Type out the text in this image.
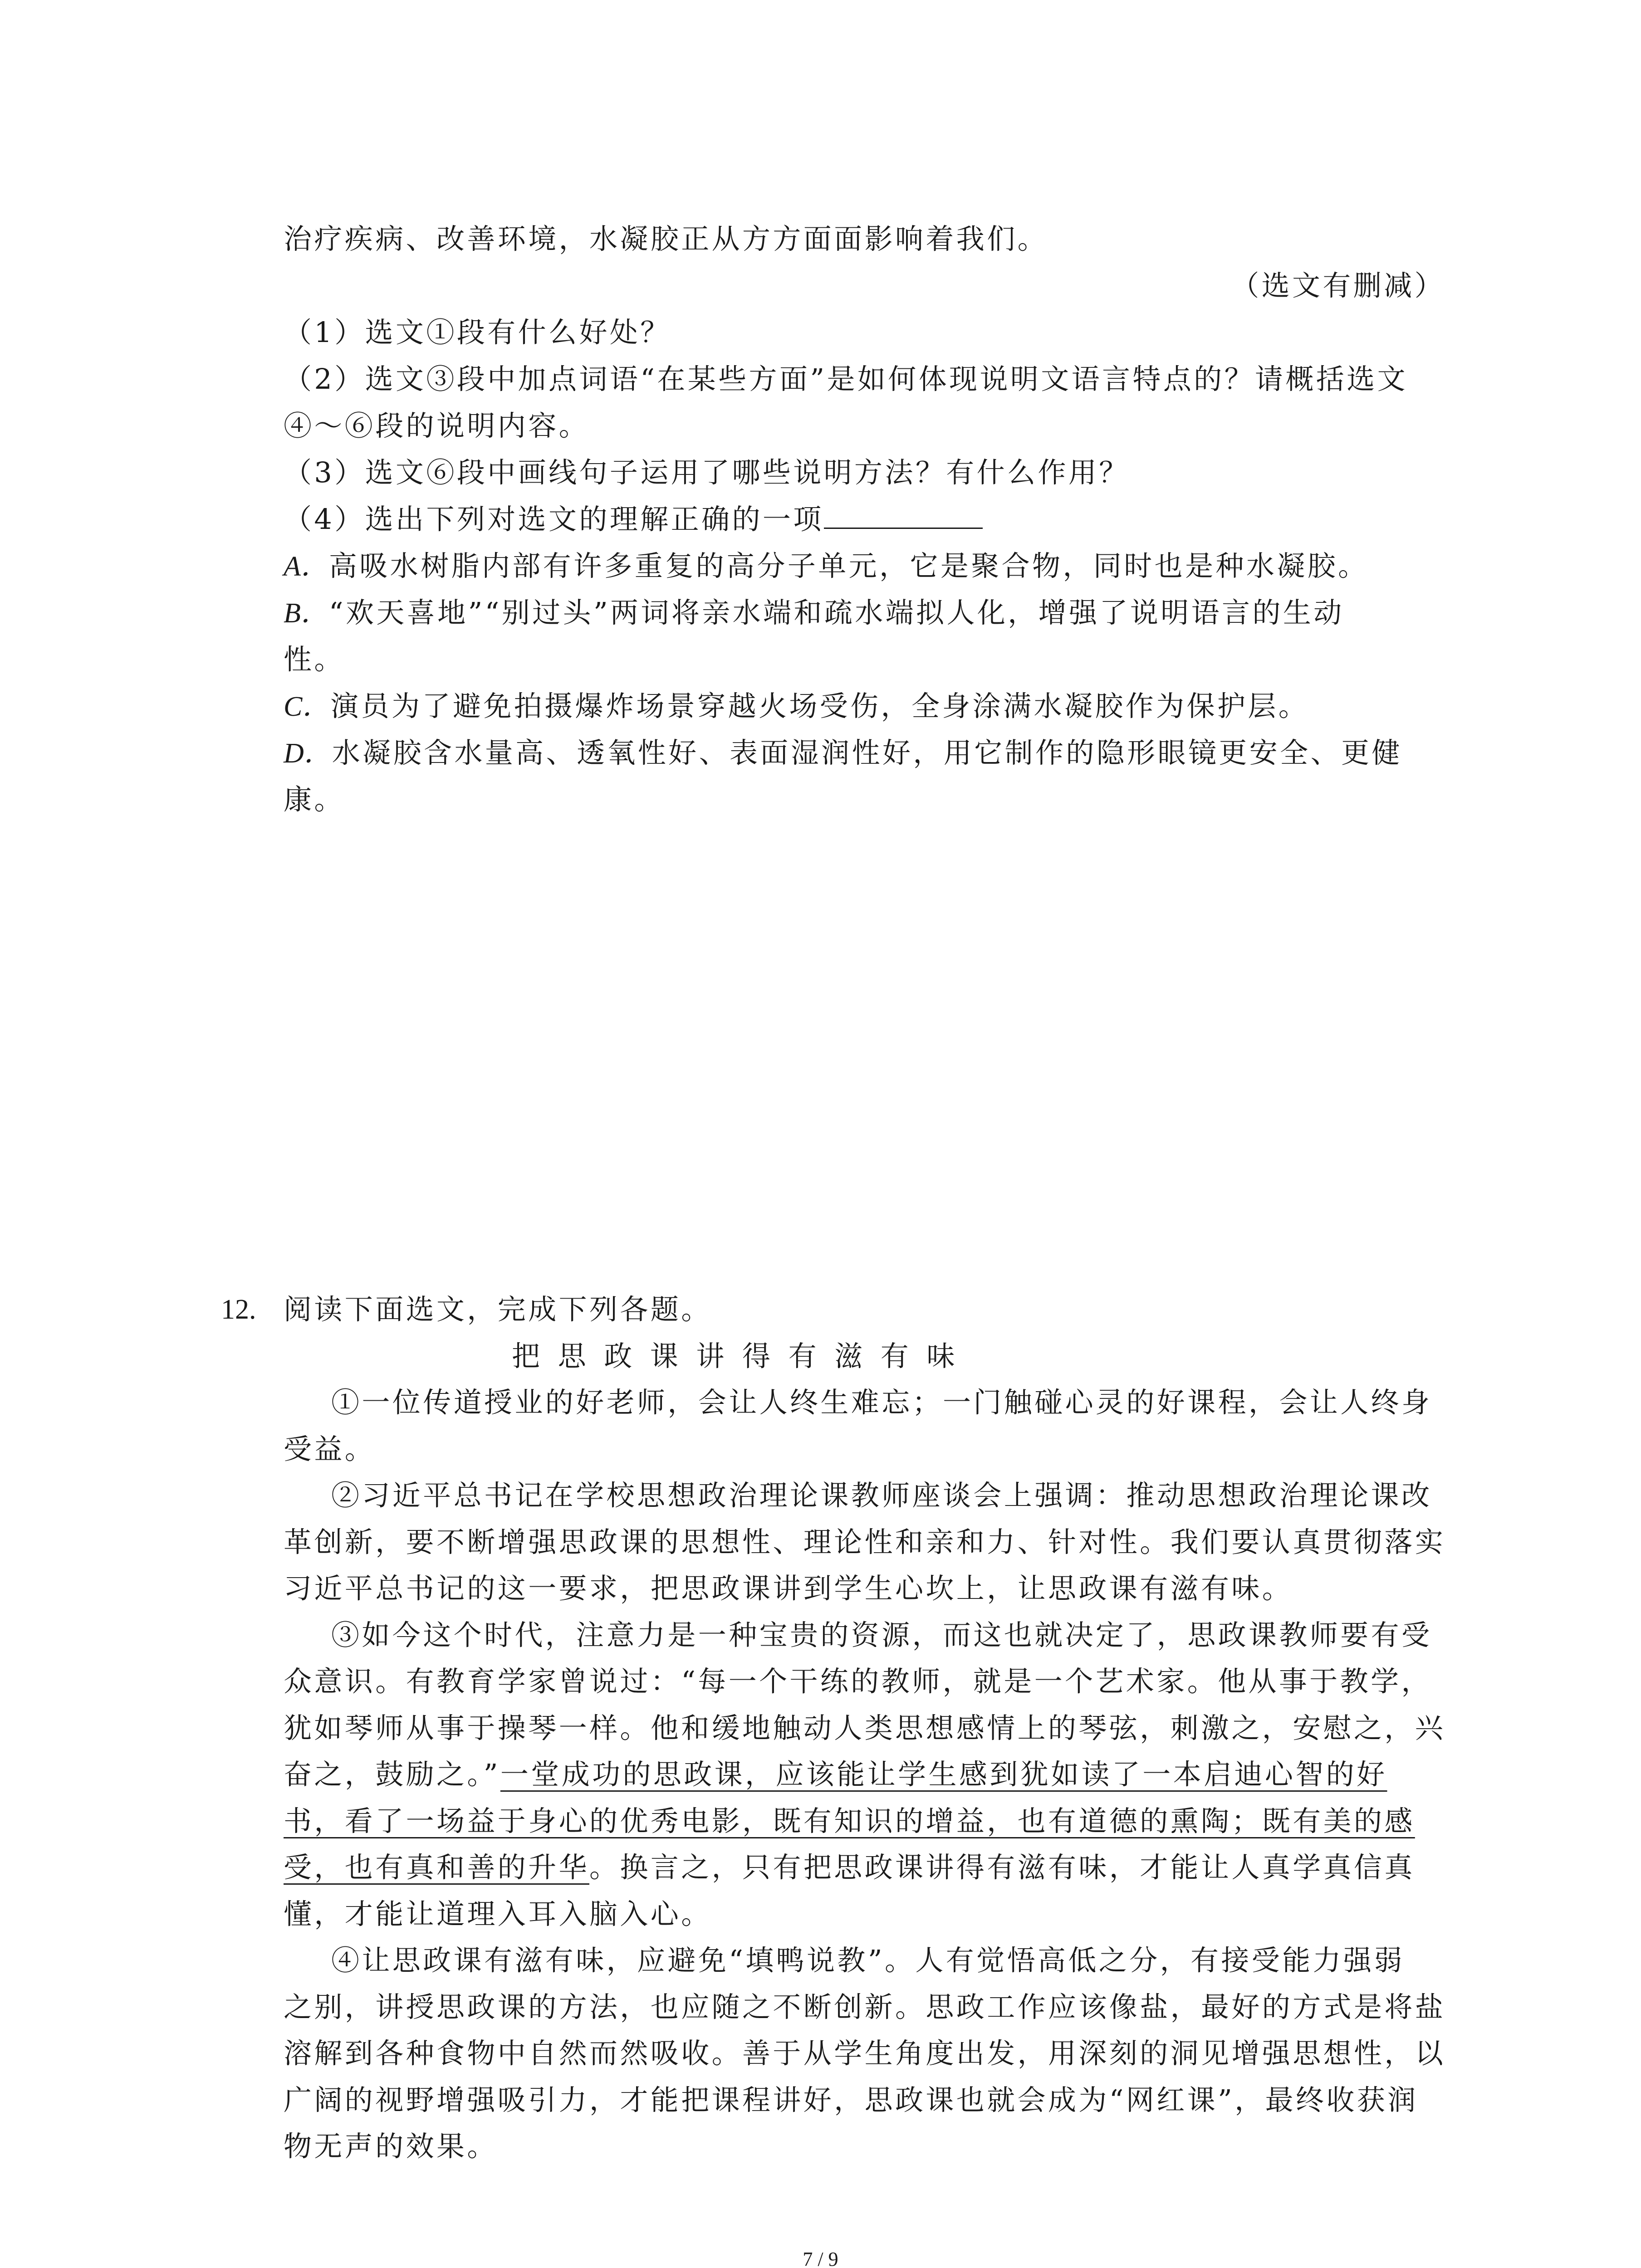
治疗疾病、改善环境，水凝胶正从方方面面影响着我们。
（选文有删减）
（1）选文①段有什么好处？
（2）选文③段中加点词语“在某些方面”是如何体现说明文语言特点的？请概括选文
④～⑥段的说明内容。
（3）选文⑥段中画线句子运用了哪些说明方法？有什么作用？
（4）选出下列对选文的理解正确的一项
A．高吸水树脂内部有许多重复的高分子单元，它是聚合物，同时也是种水凝胶。
B．“欢天喜地”“别过头”两词将亲水端和疏水端拟人化，增强了说明语言的生动
性。
C．演员为了避免拍摄爆炸场景穿越火场受伤，全身涂满水凝胶作为保护层。
D．水凝胶含水量高、透氧性好、表面湿润性好，用它制作的隐形眼镜更安全、更健
康。
12. 阅读下面选文，完成下列各题。
把思政课讲得有滋有味
①一位传道授业的好老师，会让人终生难忘；一门触碰心灵的好课程，会让人终身
受益。
②习近平总书记在学校思想政治理论课教师座谈会上强调：推动思想政治理论课改
革创新，要不断增强思政课的思想性、理论性和亲和力、针对性。我们要认真贯彻落实
习近平总书记的这一要求，把思政课讲到学生心坎上，让思政课有滋有味。
③如今这个时代，注意力是一种宝贵的资源，而这也就决定了，思政课教师要有受
众意识。有教育学家曾说过：“每一个干练的教师，就是一个艺术家。他从事于教学，
犹如琴师从事于操琴一样。他和缓地触动人类思想感情上的琴弦，刺激之，安慰之，兴
奋之，鼓励之。”一堂成功的思政课，应该能让学生感到犹如读了一本启迪心智的好
书，看了一场益于身心的优秀电影，既有知识的增益，也有道德的熏陶；既有美的感
受，也有真和善的升华。换言之，只有把思政课讲得有滋有味，才能让人真学真信真
懂，才能让道理入耳入脑入心。
④让思政课有滋有味，应避免“填鸭说教”。人有觉悟高低之分，有接受能力强弱
之别，讲授思政课的方法，也应随之不断创新。思政工作应该像盐，最好的方式是将盐
溶解到各种食物中自然而然吸收。善于从学生角度出发，用深刻的洞见增强思想性，以
广阔的视野增强吸引力，才能把课程讲好，思政课也就会成为“网红课”，最终收获润
物无声的效果。
7 / 9
